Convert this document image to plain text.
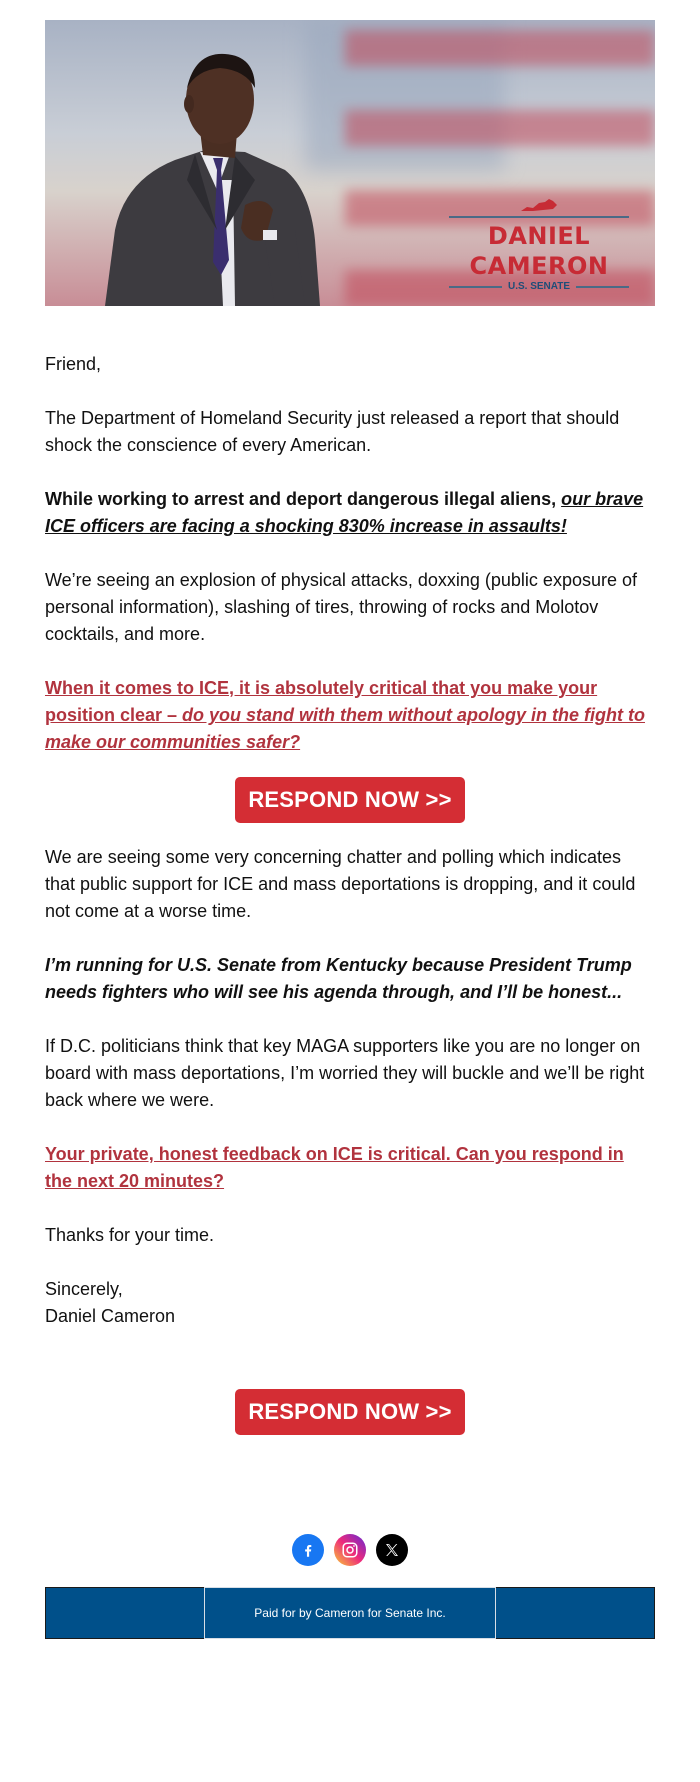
DANIEL CAMERON
U.S. SENATE

Friend,

The Department of Homeland Security just released a report that should shock the conscience of every American.

While working to arrest and deport dangerous illegal aliens, our brave ICE officers are facing a shocking 830% increase in assaults!

We’re seeing an explosion of physical attacks, doxxing (public exposure of personal information), slashing of tires, throwing of rocks and Molotov cocktails, and more.

When it comes to ICE, it is absolutely critical that you make your position clear – do you stand with them without apology in the fight to make our communities safer?

RESPOND NOW >>

We are seeing some very concerning chatter and polling which indicates that public support for ICE and mass deportations is dropping, and it could not come at a worse time.

I’m running for U.S. Senate from Kentucky because President Trump needs fighters who will see his agenda through, and I’ll be honest...

If D.C. politicians think that key MAGA supporters like you are no longer on board with mass deportations, I’m worried they will buckle and we’ll be right back where we were.

Your private, honest feedback on ICE is critical. Can you respond in the next 20 minutes?

Thanks for your time.

Sincerely,

Daniel Cameron

RESPOND NOW >>
Paid for by Cameron for Senate Inc.
